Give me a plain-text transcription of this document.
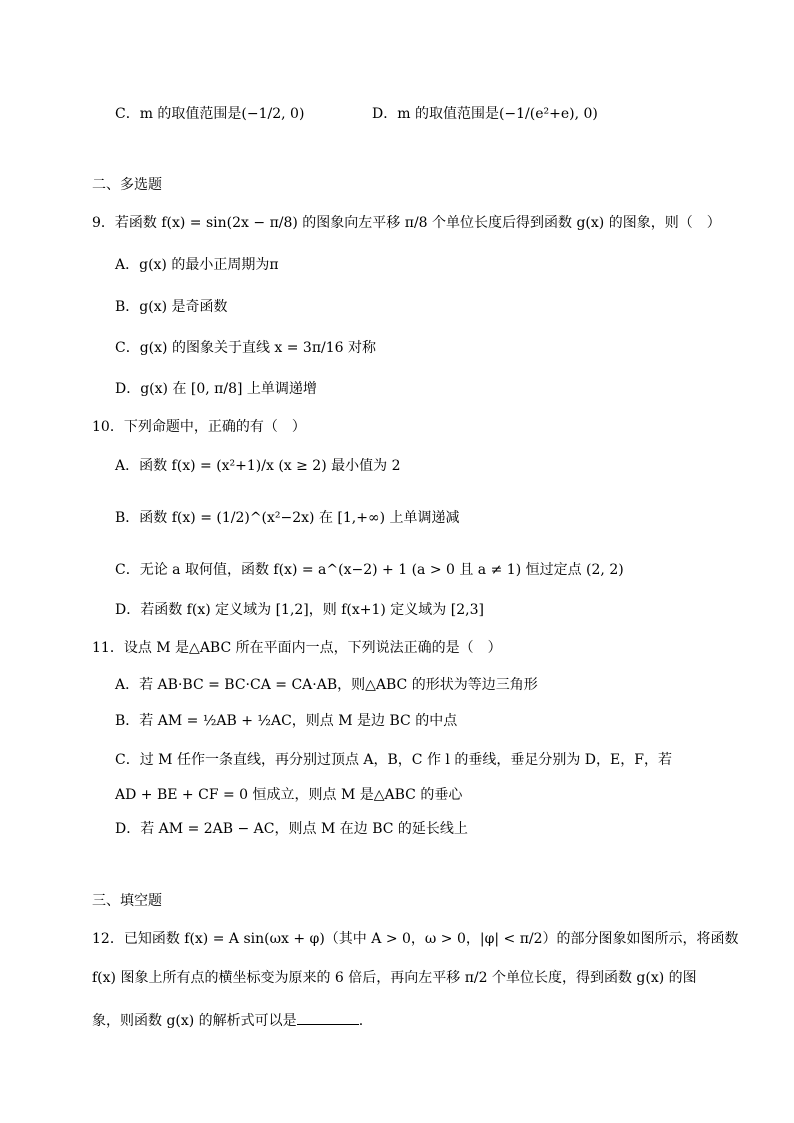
C．m 的取值范围是(−1/2, 0)	D．m 的取值范围是(−1/(e²+e), 0)
二、多选题
9．若函数 f(x) = sin(2x − π/8) 的图象向左平移 π/8 个单位长度后得到函数 g(x) 的图象，则（　）
A．g(x) 的最小正周期为π
B．g(x) 是奇函数
C．g(x) 的图象关于直线 x = 3π/16 对称
D．g(x) 在 [0, π/8] 上单调递增
10．下列命题中，正确的有（　）
A．函数 f(x) = (x²+1)/x (x ≥ 2) 最小值为 2
B．函数 f(x) = (1/2)^(x²−2x) 在 [1,+∞) 上单调递减
C．无论 a 取何值，函数 f(x) = a^(x−2) + 1 (a > 0 且 a ≠ 1) 恒过定点 (2, 2)
D．若函数 f(x) 定义域为 [1,2]，则 f(x+1) 定义域为 [2,3]
11．设点 M 是△ABC 所在平面内一点，下列说法正确的是（　）
A．若 AB·BC = BC·CA = CA·AB，则△ABC 的形状为等边三角形
B．若 AM = ½AB + ½AC，则点 M 是边 BC 的中点
C．过 M 任作一条直线，再分别过顶点 A，B，C 作 l 的垂线，垂足分别为 D，E，F，若
AD + BE + CF = 0 恒成立，则点 M 是△ABC 的垂心
D．若 AM = 2AB − AC，则点 M 在边 BC 的延长线上
三、填空题
12．已知函数 f(x) = A sin(ωx + φ)（其中 A > 0，ω > 0，|φ| < π/2）的部分图象如图所示，将函数
f(x) 图象上所有点的横坐标变为原来的 6 倍后，再向左平移 π/2 个单位长度，得到函数 g(x) 的图
象，则函数 g(x) 的解析式可以是	.
